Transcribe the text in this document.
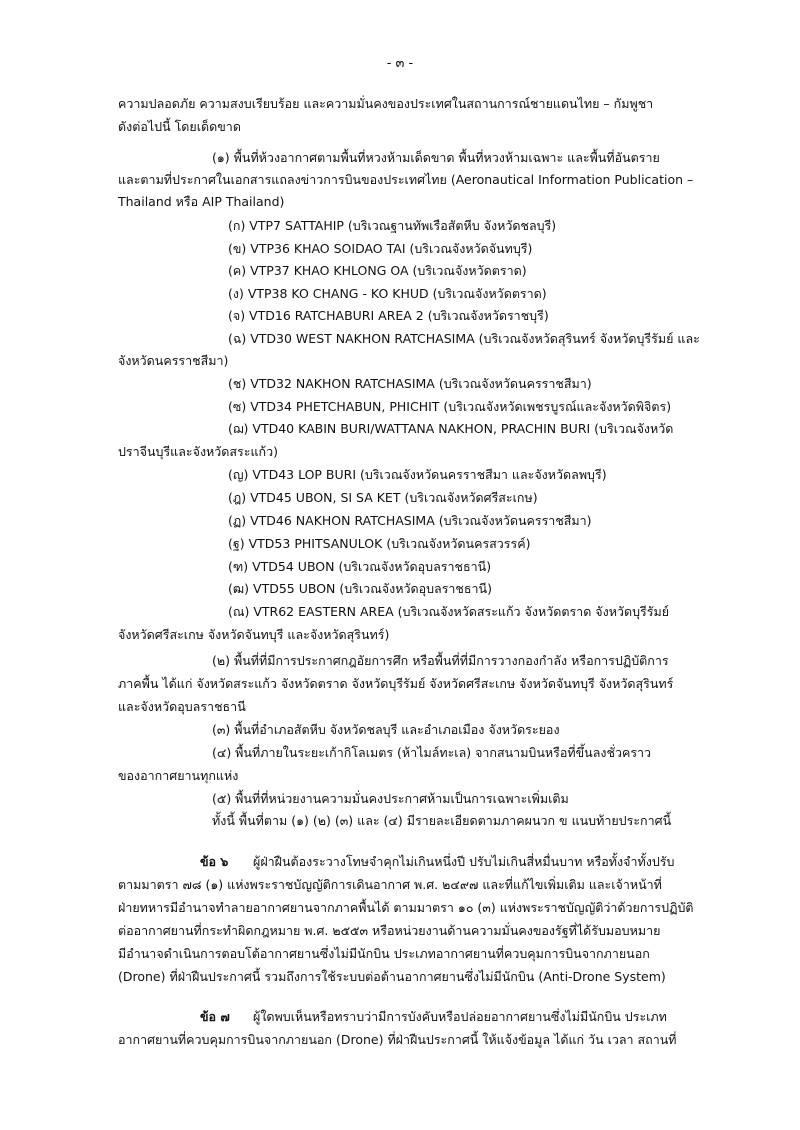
- ๓ -
ความปลอดภัย ความสงบเรียบร้อย และความมั่นคงของประเทศในสถานการณ์ชายแดนไทย – กัมพูชา
ดังต่อไปนี้ โดยเด็ดขาด
(๑) พื้นที่ห้วงอากาศตามพื้นที่หวงห้ามเด็ดขาด พื้นที่หวงห้ามเฉพาะ และพื้นที่อันตราย
และตามที่ประกาศในเอกสารแถลงข่าวการบินของประเทศไทย (Aeronautical Information Publication –
Thailand หรือ AIP Thailand)
(ก) VTP7 SATTAHIP (บริเวณฐานทัพเรือสัตหีบ จังหวัดชลบุรี)
(ข) VTP36 KHAO SOIDAO TAI (บริเวณจังหวัดจันทบุรี)
(ค) VTP37 KHAO KHLONG OA (บริเวณจังหวัดตราด)
(ง) VTP38 KO CHANG - KO KHUD (บริเวณจังหวัดตราด)
(จ) VTD16 RATCHABURI AREA 2 (บริเวณจังหวัดราชบุรี)
(ฉ) VTD30 WEST NAKHON RATCHASIMA (บริเวณจังหวัดสุรินทร์ จังหวัดบุรีรัมย์ และ
จังหวัดนครราชสีมา)
(ช) VTD32 NAKHON RATCHASIMA (บริเวณจังหวัดนครราชสีมา)
(ซ) VTD34 PHETCHABUN, PHICHIT (บริเวณจังหวัดเพชรบูรณ์และจังหวัดพิจิตร)
(ฌ) VTD40 KABIN BURI/WATTANA NAKHON, PRACHIN BURI (บริเวณจังหวัด
ปราจีนบุรีและจังหวัดสระแก้ว)
(ญ) VTD43 LOP BURI (บริเวณจังหวัดนครราชสีมา และจังหวัดลพบุรี)
(ฎ) VTD45 UBON, SI SA KET (บริเวณจังหวัดศรีสะเกษ)
(ฏ) VTD46 NAKHON RATCHASIMA (บริเวณจังหวัดนครราชสีมา)
(ฐ) VTD53 PHITSANULOK (บริเวณจังหวัดนครสวรรค์)
(ฑ) VTD54 UBON (บริเวณจังหวัดอุบลราชธานี)
(ฒ) VTD55 UBON (บริเวณจังหวัดอุบลราชธานี)
(ณ) VTR62 EASTERN AREA (บริเวณจังหวัดสระแก้ว จังหวัดตราด จังหวัดบุรีรัมย์
จังหวัดศรีสะเกษ จังหวัดจันทบุรี และจังหวัดสุรินทร์)
(๒) พื้นที่ที่มีการประกาศกฎอัยการศึก หรือพื้นที่ที่มีการวางกองกำลัง หรือการปฏิบัติการ
ภาคพื้น ได้แก่ จังหวัดสระแก้ว จังหวัดตราด จังหวัดบุรีรัมย์ จังหวัดศรีสะเกษ จังหวัดจันทบุรี จังหวัดสุรินทร์
และจังหวัดอุบลราชธานี
(๓) พื้นที่อำเภอสัตหีบ จังหวัดชลบุรี และอำเภอเมือง จังหวัดระยอง
(๔) พื้นที่ภายในระยะเก้ากิโลเมตร (ห้าไมล์ทะเล) จากสนามบินหรือที่ขึ้นลงชั่วคราว
ของอากาศยานทุกแห่ง
(๕) พื้นที่ที่หน่วยงานความมั่นคงประกาศห้ามเป็นการเฉพาะเพิ่มเติม
ทั้งนี้ พื้นที่ตาม (๑) (๒) (๓) และ (๔) มีรายละเอียดตามภาคผนวก ข แนบท้ายประกาศนี้
ข้อ ๖ ผู้ฝ่าฝืนต้องระวางโทษจำคุกไม่เกินหนึ่งปี ปรับไม่เกินสี่หมื่นบาท หรือทั้งจำทั้งปรับ
ตามมาตรา ๗๘ (๑) แห่งพระราชบัญญัติการเดินอากาศ พ.ศ. ๒๔๙๗ และที่แก้ไขเพิ่มเติม และเจ้าหน้าที่
ฝ่ายทหารมีอำนาจทำลายอากาศยานจากภาคพื้นได้ ตามมาตรา ๑๐ (๓) แห่งพระราชบัญญัติว่าด้วยการปฏิบัติ
ต่ออากาศยานที่กระทำผิดกฎหมาย พ.ศ. ๒๕๕๓ หรือหน่วยงานด้านความมั่นคงของรัฐที่ได้รับมอบหมาย
มีอำนาจดำเนินการตอบโต้อากาศยานซึ่งไม่มีนักบิน ประเภทอากาศยานที่ควบคุมการบินจากภายนอก
(Drone) ที่ฝ่าฝืนประกาศนี้ รวมถึงการใช้ระบบต่อต้านอากาศยานซึ่งไม่มีนักบิน (Anti-Drone System)
ข้อ ๗ ผู้ใดพบเห็นหรือทราบว่ามีการบังคับหรือปล่อยอากาศยานซึ่งไม่มีนักบิน ประเภท
อากาศยานที่ควบคุมการบินจากภายนอก (Drone) ที่ฝ่าฝืนประกาศนี้ ให้แจ้งข้อมูล ได้แก่ วัน เวลา สถานที่
